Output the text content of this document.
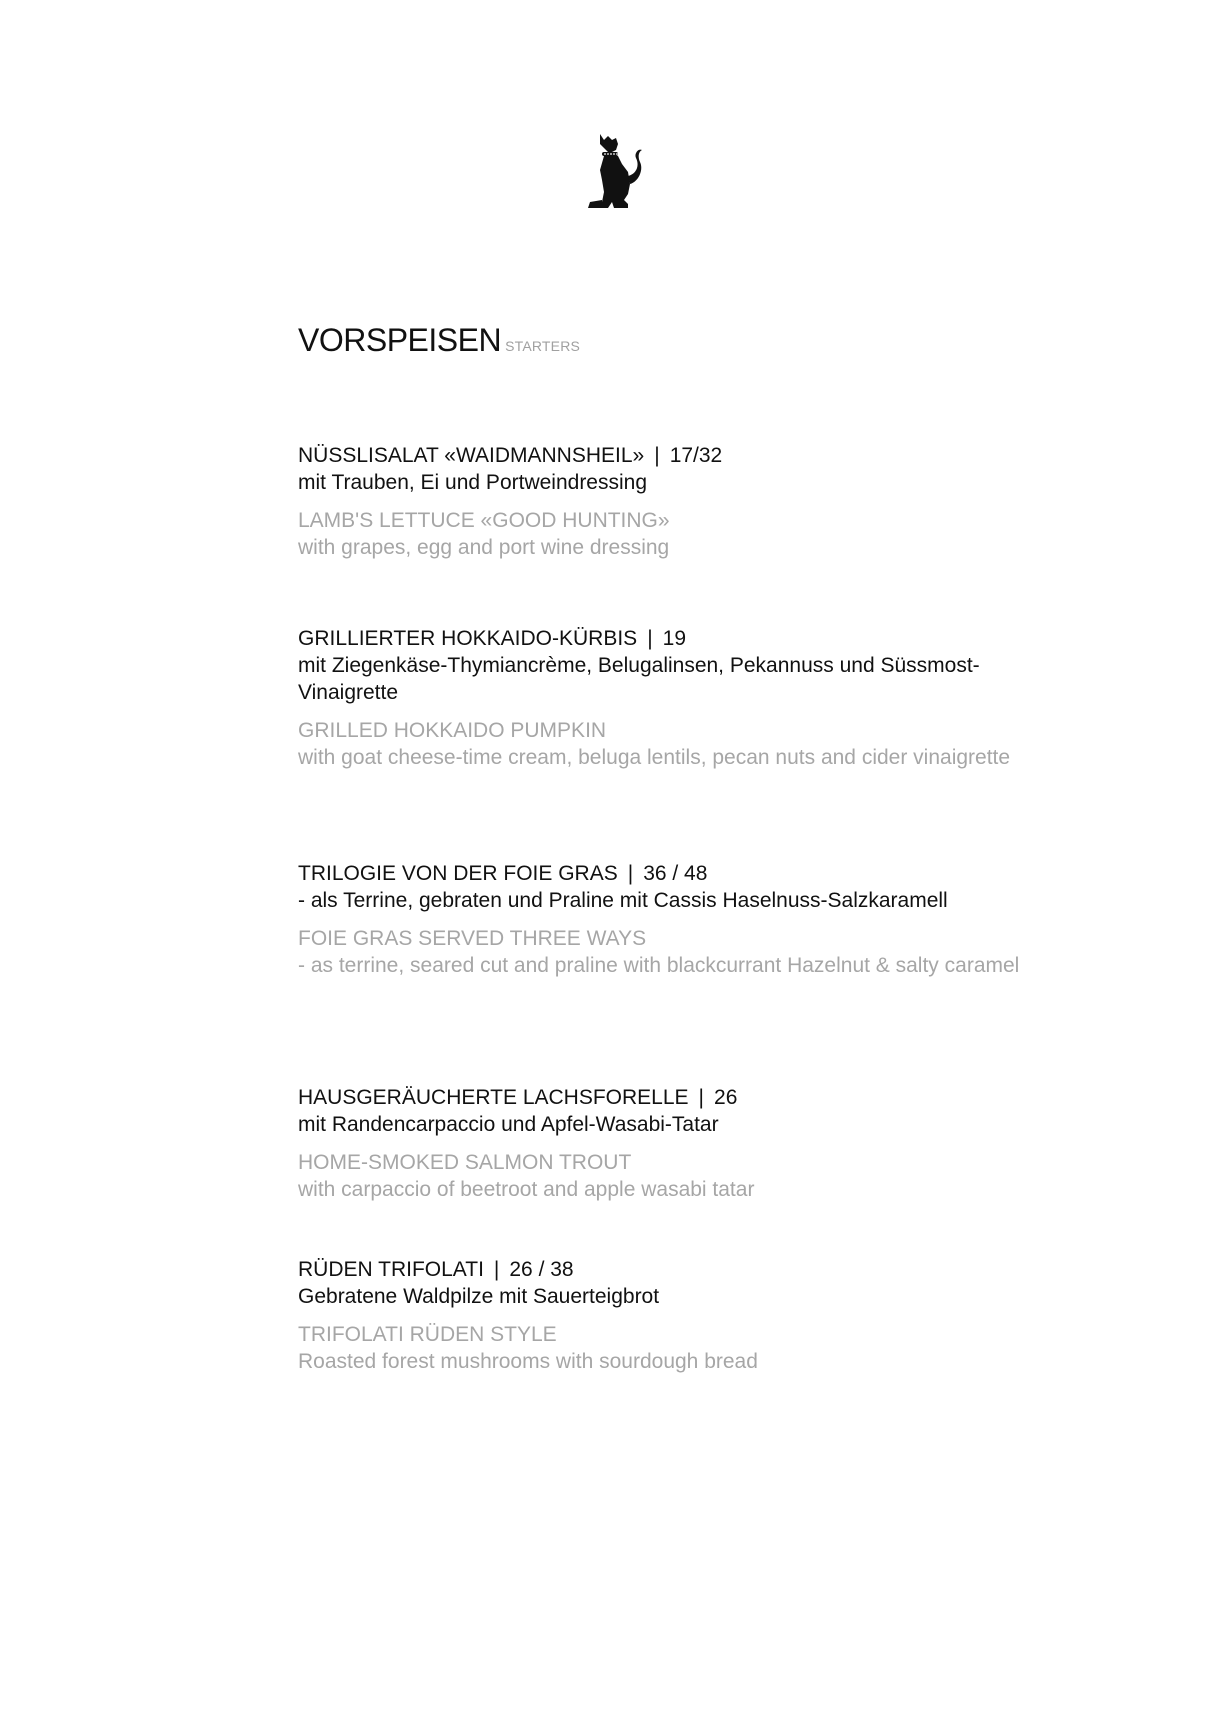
VORSPEISEN STARTERS
NÜSSLISALAT «WAIDMANNSHEIL» | 17/32
mit Trauben, Ei und Portweindressing
LAMB'S LETTUCE «GOOD HUNTING»
with grapes, egg and port wine dressing
GRILLIERTER HOKKAIDO-KÜRBIS | 19
mit Ziegenkäse-Thymiancrème, Belugalinsen, Pekannuss und Süssmost-Vinaigrette
GRILLED HOKKAIDO PUMPKIN
with goat cheese-time cream, beluga lentils, pecan nuts and cider vinaigrette
TRILOGIE VON DER FOIE GRAS | 36 / 48
- als Terrine, gebraten und Praline mit Cassis Haselnuss-Salzkaramell
FOIE GRAS SERVED THREE WAYS
- as terrine, seared cut and praline with blackcurrant Hazelnut & salty caramel
HAUSGERÄUCHERTE LACHSFORELLE | 26
mit Randencarpaccio und Apfel-Wasabi-Tatar
HOME-SMOKED SALMON TROUT
with carpaccio of beetroot and apple wasabi tatar
RÜDEN TRIFOLATI | 26 / 38
Gebratene Waldpilze mit Sauerteigbrot
TRIFOLATI RÜDEN STYLE
Roasted forest mushrooms with sourdough bread
